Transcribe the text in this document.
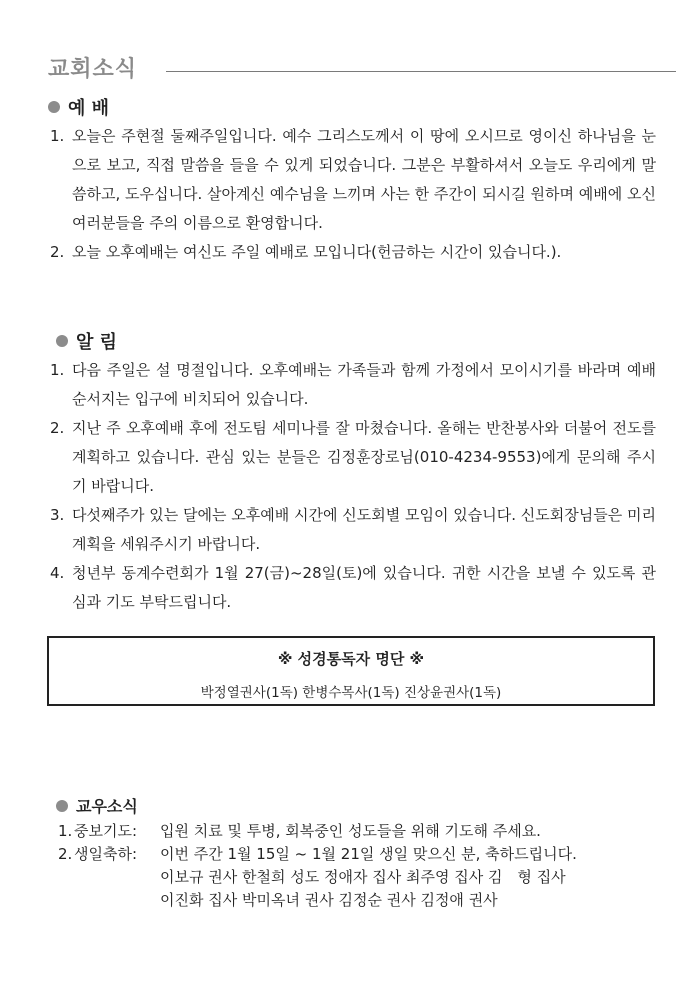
교회소식
예 배
1. 오늘은 주현절 둘째주일입니다. 예수 그리스도께서 이 땅에 오시므로 영이신 하나님을 눈으로 보고, 직접 말씀을 들을 수 있게 되었습니다. 그분은 부활하셔서 오늘도 우리에게 말씀하고, 도우십니다. 살아계신 예수님을 느끼며 사는 한 주간이 되시길 원하며 예배에 오신 여러분들을 주의 이름으로 환영합니다.
2. 오늘 오후예배는 여신도 주일 예배로 모입니다(헌금하는 시간이 있습니다.).
알 림
1. 다음 주일은 설 명절입니다. 오후예배는 가족들과 함께 가정에서 모이시기를 바라며 예배 순서지는 입구에 비치되어 있습니다.
2. 지난 주 오후예배 후에 전도팀 세미나를 잘 마쳤습니다. 올해는 반찬봉사와 더불어 전도를 계획하고 있습니다. 관심 있는 분들은 김정훈장로님(010-4234-9553)에게 문의해 주시기 바랍니다.
3. 다섯째주가 있는 달에는 오후예배 시간에 신도회별 모임이 있습니다. 신도회장님들은 미리 계획을 세워주시기 바랍니다.
4. 청년부 동계수련회가 1월 27(금)~28일(토)에 있습니다. 귀한 시간을 보낼 수 있도록 관심과 기도 부탁드립니다.
※ 성경통독자 명단 ※
박정열권사(1독) 한병수목사(1독) 진상윤권사(1독)
교우소식
1. 중보기도:	입원 치료 및 투병, 회복중인 성도들을 위해 기도해 주세요.
2. 생일축하:	이번 주간 1월 15일 ~ 1월 21일 생일 맞으신 분, 축하드립니다.
이보규 권사 한철희 성도 정애자 집사 최주영 집사 김　형 집사
이진화 집사 박미옥녀 권사 김정순 권사 김정애 권사
